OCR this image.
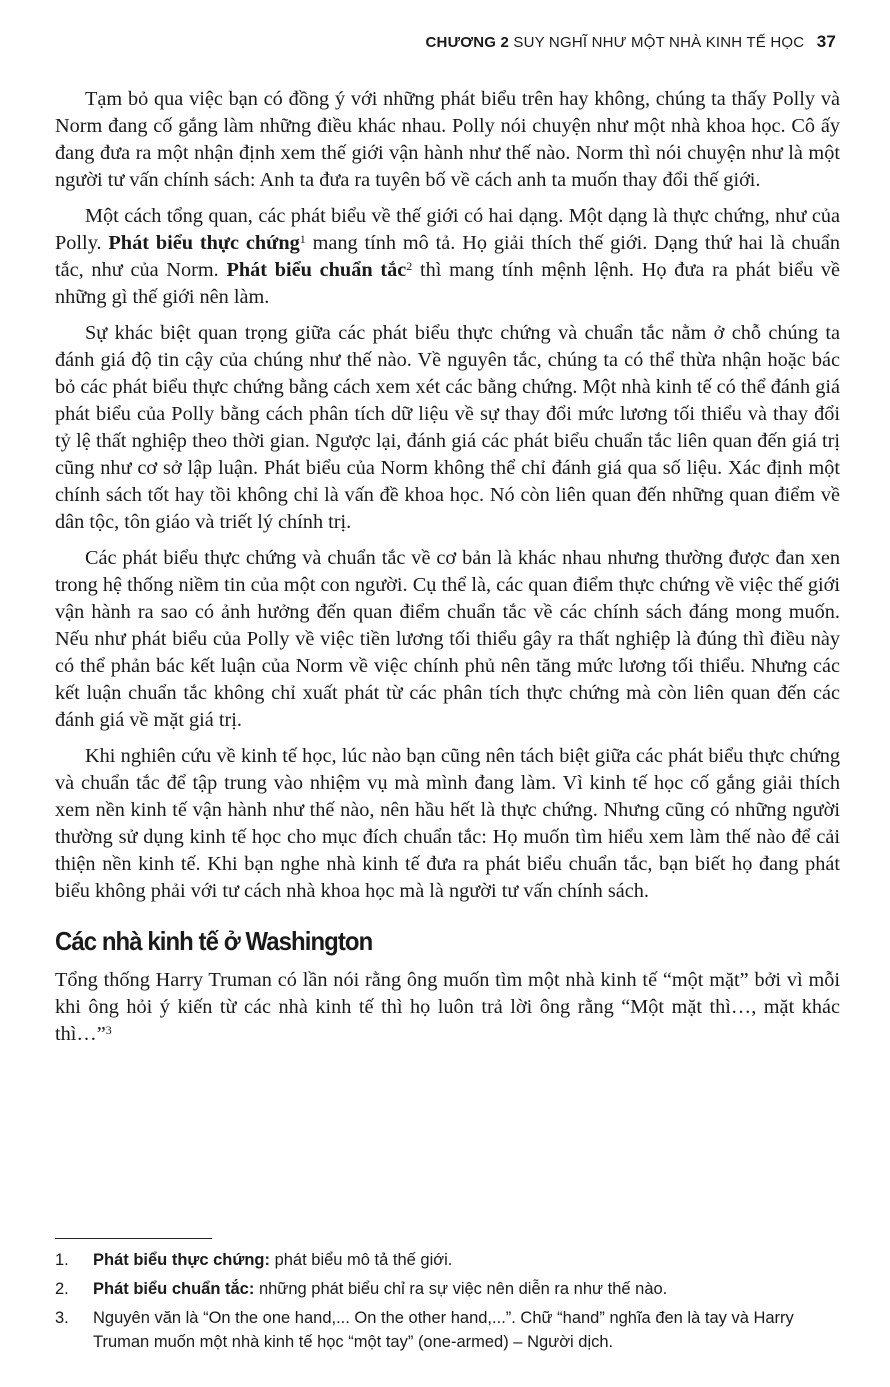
CHƯƠNG 2 SUY NGHĨ NHƯ MỘT NHÀ KINH TẾ HỌC 37

Tạm bỏ qua việc bạn có đồng ý với những phát biểu trên hay không, chúng ta thấy Polly và Norm đang cố gắng làm những điều khác nhau. Polly nói chuyện như một nhà khoa học. Cô ấy đang đưa ra một nhận định xem thế giới vận hành như thế nào. Norm thì nói chuyện như là một người tư vấn chính sách: Anh ta đưa ra tuyên bố về cách anh ta muốn thay đổi thế giới.

Một cách tổng quan, các phát biểu về thế giới có hai dạng. Một dạng là thực chứng, như của Polly. Phát biểu thực chứng$^1$ mang tính mô tả. Họ giải thích thế giới. Dạng thứ hai là chuẩn tắc, như của Norm. Phát biểu chuẩn tắc$^2$ thì mang tính mệnh lệnh. Họ đưa ra phát biểu về những gì thế giới nên làm.

Sự khác biệt quan trọng giữa các phát biểu thực chứng và chuẩn tắc nằm ở chỗ chúng ta đánh giá độ tin cậy của chúng như thế nào. Về nguyên tắc, chúng ta có thể thừa nhận hoặc bác bỏ các phát biểu thực chứng bằng cách xem xét các bằng chứng. Một nhà kinh tế có thể đánh giá phát biểu của Polly bằng cách phân tích dữ liệu về sự thay đổi mức lương tối thiểu và thay đổi tỷ lệ thất nghiệp theo thời gian. Ngược lại, đánh giá các phát biểu chuẩn tắc liên quan đến giá trị cũng như cơ sở lập luận. Phát biểu của Norm không thể chỉ đánh giá qua số liệu. Xác định một chính sách tốt hay tồi không chỉ là vấn đề khoa học. Nó còn liên quan đến những quan điểm về dân tộc, tôn giáo và triết lý chính trị.

Các phát biểu thực chứng và chuẩn tắc về cơ bản là khác nhau nhưng thường được đan xen trong hệ thống niềm tin của một con người. Cụ thể là, các quan điểm thực chứng về việc thế giới vận hành ra sao có ảnh hưởng đến quan điểm chuẩn tắc về các chính sách đáng mong muốn. Nếu như phát biểu của Polly về việc tiền lương tối thiểu gây ra thất nghiệp là đúng thì điều này có thể phản bác kết luận của Norm về việc chính phủ nên tăng mức lương tối thiểu. Nhưng các kết luận chuẩn tắc không chỉ xuất phát từ các phân tích thực chứng mà còn liên quan đến các đánh giá về mặt giá trị.

Khi nghiên cứu về kinh tế học, lúc nào bạn cũng nên tách biệt giữa các phát biểu thực chứng và chuẩn tắc để tập trung vào nhiệm vụ mà mình đang làm. Vì kinh tế học cố gắng giải thích xem nền kinh tế vận hành như thế nào, nên hầu hết là thực chứng. Nhưng cũng có những người thường sử dụng kinh tế học cho mục đích chuẩn tắc: Họ muốn tìm hiểu xem làm thế nào để cải thiện nền kinh tế. Khi bạn nghe nhà kinh tế đưa ra phát biểu chuẩn tắc, bạn biết họ đang phát biểu không phải với tư cách nhà khoa học mà là người tư vấn chính sách.

Các nhà kinh tế ở Washington

Tổng thống Harry Truman có lần nói rằng ông muốn tìm một nhà kinh tế “một mặt” bởi vì mỗi khi ông hỏi ý kiến từ các nhà kinh tế thì họ luôn trả lời ông rằng “Một mặt thì…, mặt khác thì…”$^3$

1. Phát biểu thực chứng: phát biểu mô tả thế giới.
2. Phát biểu chuẩn tắc: những phát biểu chỉ ra sự việc nên diễn ra như thế nào.
3. Nguyên văn là “On the one hand,... On the other hand,...”. Chữ “hand” nghĩa đen là tay và Harry Truman muốn một nhà kinh tế học “một tay” (one-armed) – Người dịch.
